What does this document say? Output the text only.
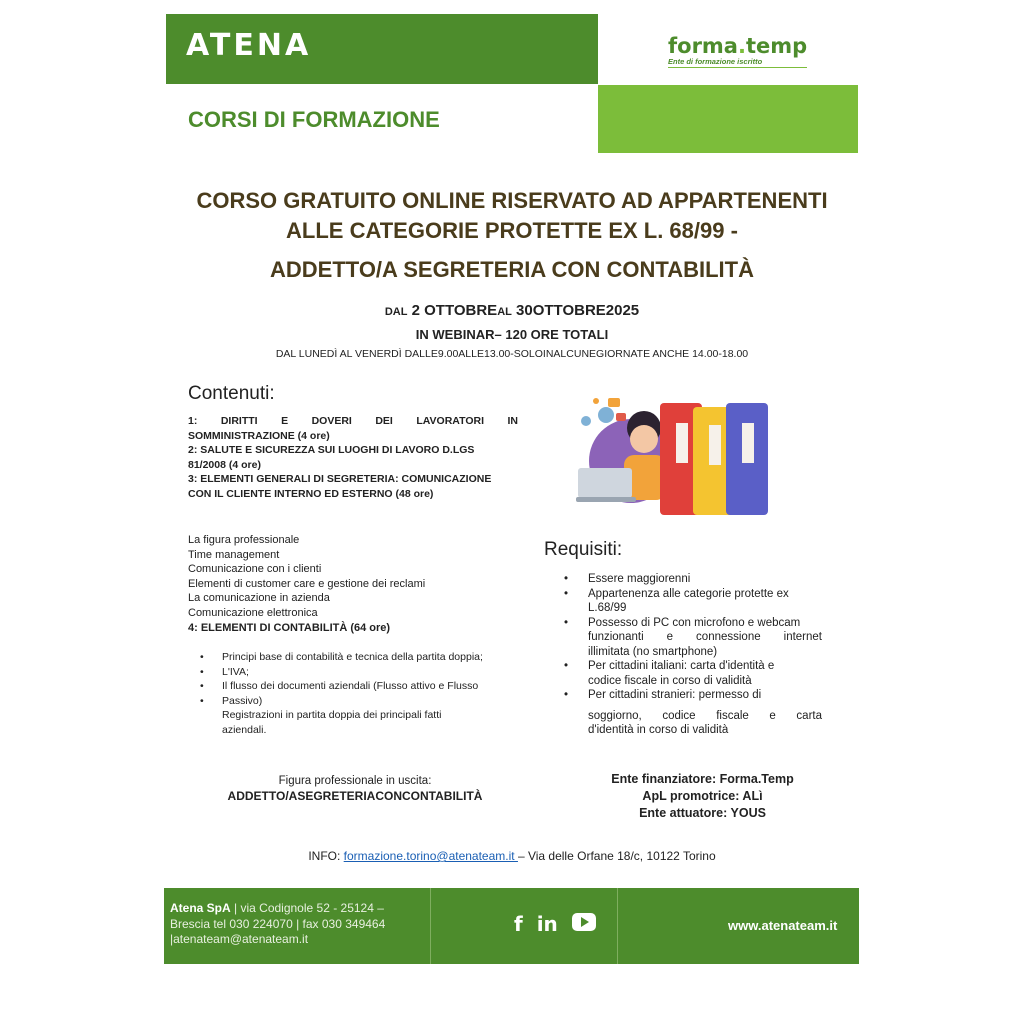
ATENA	forma.temp
Ente di formazione iscritto
CORSI DI FORMAZIONE
CORSO GRATUITO ONLINE RISERVATO AD APPARTENENTI
ALLE CATEGORIE PROTETTE EX L. 68/99 -
ADDETTO/A SEGRETERIA CON CONTABILITÀ
DAL 2 OTTOBREAL 30OTTOBRE2025
IN WEBINAR– 120 ORE TOTALI
DAL LUNEDÌ AL VENERDÌ DALLE9.00ALLE13.00-SOLOINALCUNEGIORNATE ANCHE 14.00-18.00
Contenuti:
1: DIRITTI E DOVERI DEI LAVORATORI IN
SOMMINISTRAZIONE (4 ore)
2: SALUTE E SICUREZZA SUI LUOGHI DI LAVORO D.LGS
81/2008 (4 ore)
3: ELEMENTI GENERALI DI SEGRETERIA: COMUNICAZIONE
CON IL CLIENTE INTERNO ED ESTERNO (48 ore)
La figura professionale
Time management
Comunicazione con i clienti
Elementi di customer care e gestione dei reclami
La comunicazione in azienda
Comunicazione elettronica
4: ELEMENTI DI CONTABILITÀ (64 ore)
• Principi base di contabilità e tecnica della partita doppia;
• L'IVA;
• Il flusso dei documenti aziendali (Flusso attivo e Flusso
• Passivo)
Registrazioni in partita doppia dei principali fatti
aziendali.
Figura professionale in uscita:
ADDETTO/ASEGRETERIACONCONTABILITÀ
Requisiti:
• Essere maggiorenni
• Appartenenza alle categorie protette ex
L.68/99
• Possesso di PC con microfono e webcam
funzionanti e connessione internet
illimitata (no smartphone)
• Per cittadini italiani: carta d'identità e
codice fiscale in corso di validità
• Per cittadini stranieri: permesso di
soggiorno, codice fiscale e carta
d'identità in corso di validità
Ente finanziatore: Forma.Temp
ApL promotrice: ALì
Ente attuatore: YOUS
INFO: formazione.torino@atenateam.it – Via delle Orfane 18/c, 10122 Torino
Atena SpA | via Codignole 52 - 25124 –
Brescia tel 030 224070 | fax 030 349464
|atenateam@atenateam.it
f in	www.atenateam.it
